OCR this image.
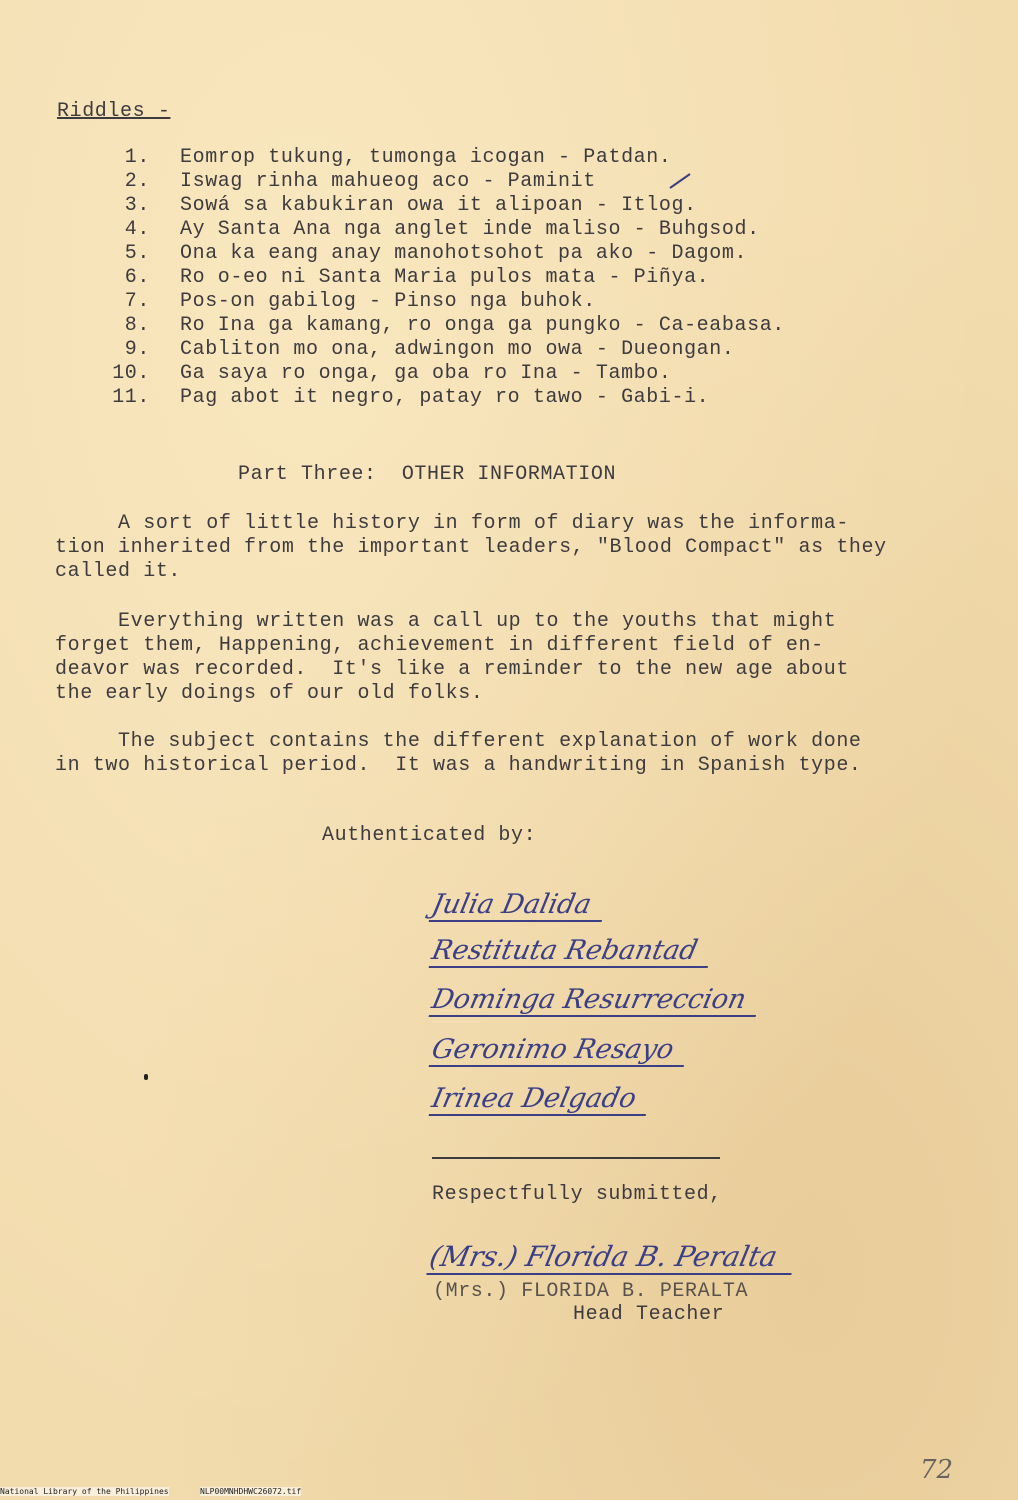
Riddles -
1. Eomrop tukung, tumonga icogan - Patdan.
2. Iswag rinha mahueog aco - Paminit
3. Sowá sa kabukiran owa it alipoan - Itlog.
4. Ay Santa Ana nga anglet inde maliso - Buhgsod.
5. Ona ka eang anay manohotsohot pa ako - Dagom.
6. Ro o-eo ni Santa Maria pulos mata - Piñya.
7. Pos-on gabilog - Pinso nga buhok.
8. Ro Ina ga kamang, ro onga ga pungko - Ca-eabasa.
9. Cabliton mo ona, adwingon mo owa - Dueongan.
10. Ga saya ro onga, ga oba ro Ina - Tambo.
11. Pag abot it negro, patay ro tawo - Gabi-i.
Part Three:  OTHER INFORMATION
A sort of little history in form of diary was the informa-
tion inherited from the important leaders, "Blood Compact" as they
called it.
Everything written was a call up to the youths that might
forget them, Happening, achievement in different field of en-
deavor was recorded.  It's like a reminder to the new age about
the early doings of our old folks.
The subject contains the different explanation of work done
in two historical period.  It was a handwriting in Spanish type.
Authenticated by:
Julia Dalida
Restituta Rebantad
Dominga Resurreccion
Geronimo Resayo
Irinea Delgado
Respectfully submitted,
(Mrs.) Florida B. Peralta
(Mrs.) FLORIDA B. PERALTA
Head Teacher
72
National Library of the Philippines	NLP00MNHDHWC26072.tif
